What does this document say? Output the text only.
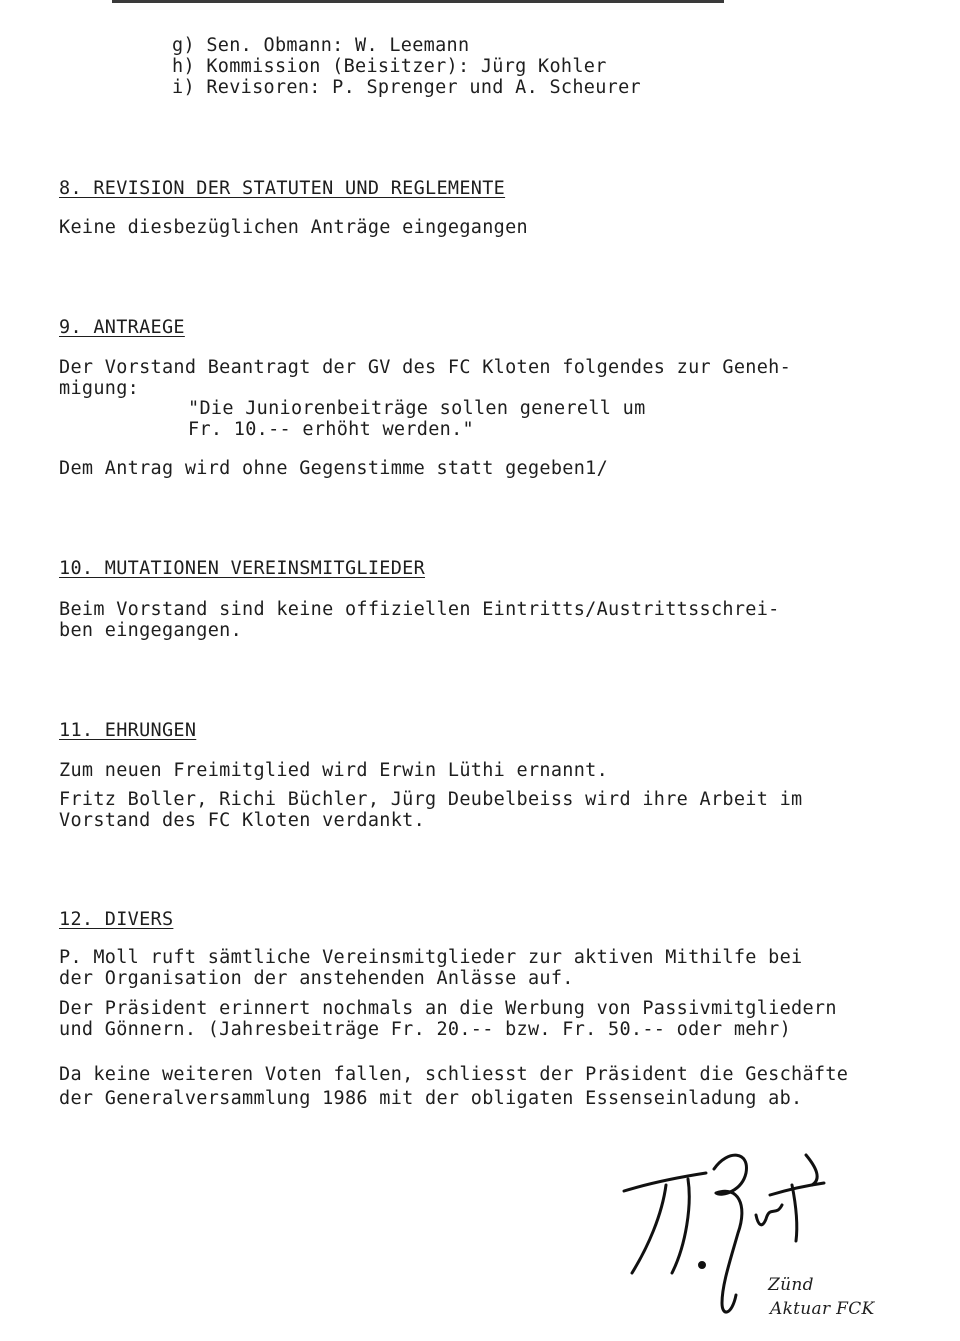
g) Sen. Obmann: W. Leemann
h) Kommission (Beisitzer): Jürg Kohler
i) Revisoren: P. Sprenger und A. Scheurer
8. REVISION DER STATUTEN UND REGLEMENTE
Keine diesbezüglichen Anträge eingegangen
9. ANTRAEGE
Der Vorstand Beantragt der GV des FC Kloten folgendes zur Geneh-
migung:
"Die Juniorenbeiträge sollen generell um
Fr. 10.-- erhöht werden."
Dem Antrag wird ohne Gegenstimme statt gegeben1/
10. MUTATIONEN VEREINSMITGLIEDER
Beim Vorstand sind keine offiziellen Eintritts/Austrittsschrei-
ben eingegangen.
11. EHRUNGEN
Zum neuen Freimitglied wird Erwin Lüthi ernannt.
Fritz Boller, Richi Büchler, Jürg Deubelbeiss wird ihre Arbeit im
Vorstand des FC Kloten verdankt.
12. DIVERS
P. Moll ruft sämtliche Vereinsmitglieder zur aktiven Mithilfe bei
der Organisation der anstehenden Anlässe auf.
Der Präsident erinnert nochmals an die Werbung von Passivmitgliedern
und Gönnern. (Jahresbeiträge Fr. 20.-- bzw. Fr. 50.-- oder mehr)
Da keine weiteren Voten fallen, schliesst der Präsident die Geschäfte
der Generalversammlung 1986 mit der obligaten Essenseinladung ab.
Zünd
Aktuar FCK
